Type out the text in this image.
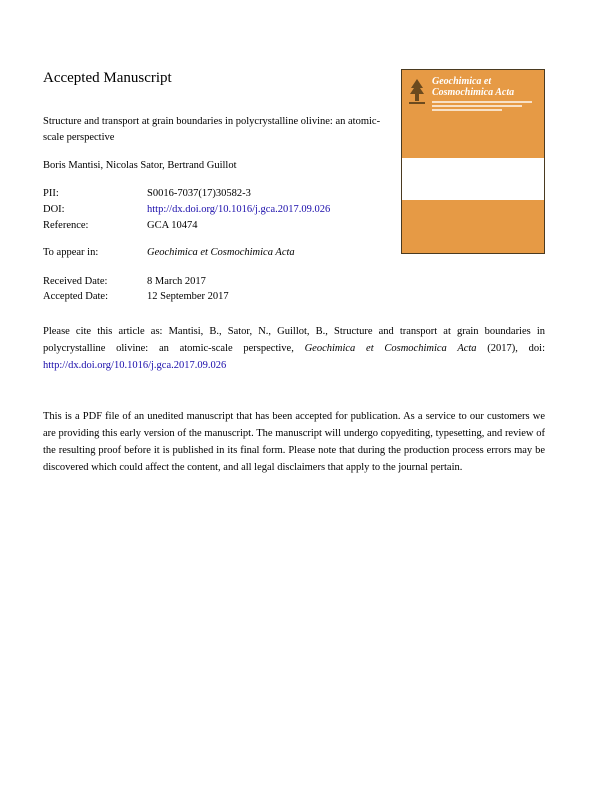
Accepted Manuscript
Structure and transport at grain boundaries in polycrystalline olivine: an atomic-scale perspective
Boris Mantisi, Nicolas Sator, Bertrand Guillot
PII:	S0016-7037(17)30582-3
DOI:	http://dx.doi.org/10.1016/j.gca.2017.09.026
Reference:	GCA 10474
To appear in:	Geochimica et Cosmochimica Acta
Received Date:	8 March 2017
Accepted Date:	12 September 2017
Please cite this article as: Mantisi, B., Sator, N., Guillot, B., Structure and transport at grain boundaries in polycrystalline olivine: an atomic-scale perspective, Geochimica et Cosmochimica Acta (2017), doi: http://dx.doi.org/10.1016/j.gca.2017.09.026
This is a PDF file of an unedited manuscript that has been accepted for publication. As a service to our customers we are providing this early version of the manuscript. The manuscript will undergo copyediting, typesetting, and review of the resulting proof before it is published in its final form. Please note that during the production process errors may be discovered which could affect the content, and all legal disclaimers that apply to the journal pertain.
Geochimica et Cosmochimica Acta
